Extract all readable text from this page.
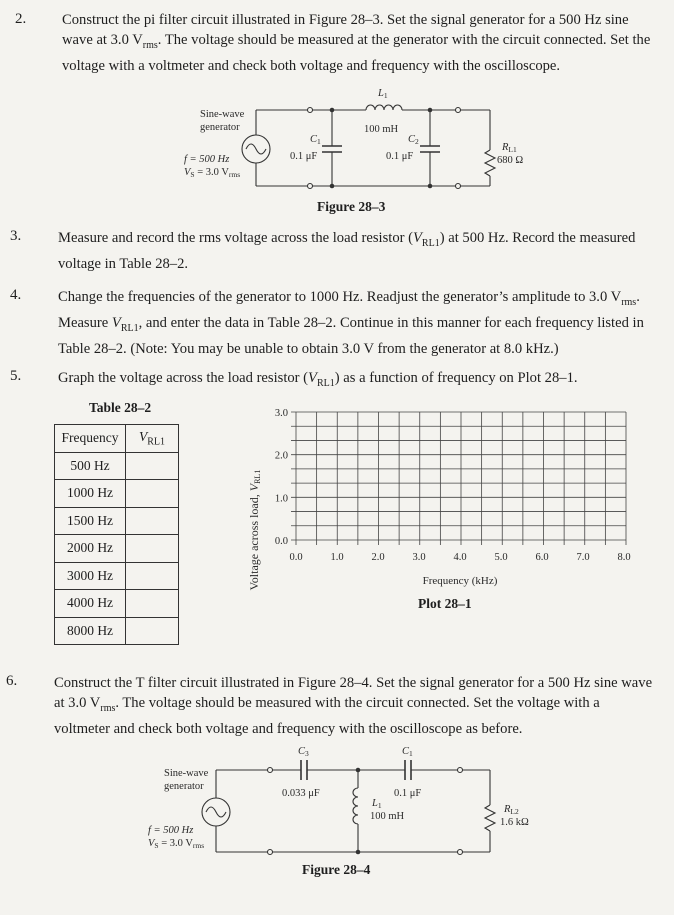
2. Construct the pi filter circuit illustrated in Figure 28–3. Set the signal generator for a 500 Hz sine wave at 3.0 $V_{rms}$. The voltage should be measured at the generator with the circuit connected. Set the voltage with a voltmeter and check both voltage and frequency with the oscilloscope.
Sine-wave
generator
f = 500 Hz
VS = 3.0 Vrms
L1
100 mH
C1
0.1 μF
C2
0.1 μF
RL1
680 Ω
Figure 28–3
3.	Measure and record the rms voltage across the load resistor $(V_{RL1})$ at 500 Hz. Record the measured voltage in Table 28–2.
4.	Change the frequencies of the generator to 1000 Hz. Readjust the generator’s amplitude to 3.0 $V_{rms}$. Measure $V_{RL1}$, and enter the data in Table 28–2. Continue in this manner for each frequency listed in Table 28–2. (Note: You may be unable to obtain 3.0 V from the generator at 8.0 kHz.)
5.	Graph the voltage across the load resistor $(V_{RL1})$ as a function of frequency on Plot 28–1.
Table 28–2
Frequency	$V_{RL1}$
500 Hz	
1000 Hz	
1500 Hz	
2000 Hz	
3000 Hz	
4000 Hz	
8000 Hz	
Voltage across load, VRL1
3.0
2.0
1.0
0.0
0.0	1.0	2.0	3.0	4.0	5.0	6.0	7.0	8.0
Frequency (kHz)
Plot 28–1
6.	Construct the T filter circuit illustrated in Figure 28–4. Set the signal generator for a 500 Hz sine wave at 3.0 $V_{rms}$. The voltage should be measured with the circuit connected. Set the voltage with a voltmeter and check both voltage and frequency with the oscilloscope as before.
Sine-wave
generator
f = 500 Hz
VS = 3.0 Vrms
C3
0.033 μF
C1
0.1 μF
L1
100 mH
RL2
1.6 kΩ
Figure 28–4
